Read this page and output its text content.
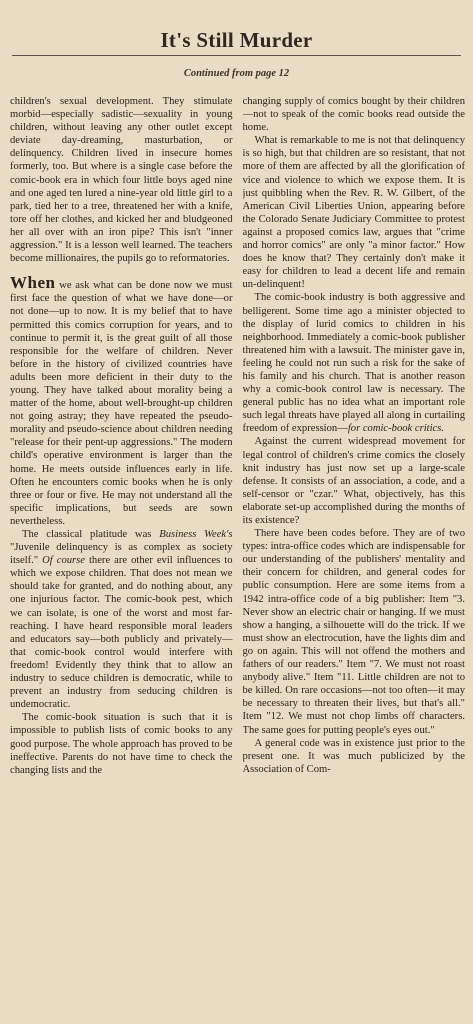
It's Still Murder
Continued from page 12

children's sexual development. They stimulate morbid—especially sadistic—sexuality in young children, without leaving any other outlet except deviate day-dreaming, masturbation, or delinquency. Children lived in insecure homes formerly, too. But where is a single case before the comic-book era in which four little boys aged nine and one aged ten lured a nine-year old little girl to a park, tied her to a tree, threatened her with a knife, tore off her clothes, and kicked her and bludgeoned her all over with an iron pipe? This isn't "inner aggression." It is a lesson well learned. The teachers become millionaires, the pupils go to reformatories.

When we ask what can be done now we must first face the question of what we have done—or not done—up to now. It is my belief that to have permitted this comics corruption for years, and to continue to permit it, is the great guilt of all those responsible for the welfare of children. Never before in the history of civilized countries have adults been more deficient in their duty to the young. They have talked about morality being a matter of the home, about well-brought-up children not going astray; they have repeated the pseudo-morality and pseudo-science about children needing "release for their pent-up aggressions." The modern child's operative environment is larger than the home. He meets outside influences early in life. Often he encounters comic books when he is only three or four or five. He may not understand all the specific implications, but seeds are sown nevertheless.

The classical platitude was Business Week's "Juvenile delinquency is as complex as society itself." Of course there are other evil influences to which we expose children. That does not mean we should take for granted, and do nothing about, any one injurious factor. The comic-book pest, which we can isolate, is one of the worst and most far-reaching. I have heard responsible moral leaders and educators say—both publicly and privately—that comic-book control would interfere with freedom! Evidently they think that to allow an industry to seduce children is democratic, while to prevent an industry from seducing children is undemocratic.

The comic-book situation is such that it is impossible to publish lists of comic books to any good purpose. The whole approach has proved to be ineffective. Parents do not have time to check the changing lists and the

changing supply of comics bought by their children—not to speak of the comic books read outside the home.

What is remarkable to me is not that delinquency is so high, but that children are so resistant, that not more of them are affected by all the glorification of vice and violence to which we expose them. It is just quibbling when the Rev. R. W. Gilbert, of the American Civil Liberties Union, appearing before the Colorado Senate Judiciary Committee to protest against a proposed comics law, argues that "crime and horror comics" are only "a minor factor." How does he know that? They certainly don't make it easy for children to lead a decent life and remain un-delinquent!

The comic-book industry is both aggressive and belligerent. Some time ago a minister objected to the display of lurid comics to children in his neighborhood. Immediately a comic-book publisher threatened him with a lawsuit. The minister gave in, feeling he could not run such a risk for the sake of his family and his church. That is another reason why a comic-book control law is necessary. The general public has no idea what an important role such legal threats have played all along in curtailing freedom of expression—for comic-book critics.

Against the current widespread movement for legal control of children's crime comics the closely knit industry has just now set up a large-scale defense. It consists of an association, a code, and a self-censor or "czar." What, objectively, has this elaborate set-up accomplished during the months of its existence?

There have been codes before. They are of two types: intra-office codes which are indispensable for our understanding of the publishers' mentality and their concern for children, and general codes for public consumption. Here are some items from a 1942 intra-office code of a big publisher: Item "3. Never show an electric chair or hanging. If we must show a hanging, a silhouette will do the trick. If we must show an electrocution, have the lights dim and go on again. This will not offend the mothers and fathers of our readers." Item "7. We must not roast anybody alive." Item "11. Little children are not to be killed. On rare occasions—not too often—it may be necessary to threaten their lives, but that's all." Item "12. We must not chop limbs off characters. The same goes for putting people's eyes out."

A general code was in existence just prior to the present one. It was much publicized by the Association of Com-
